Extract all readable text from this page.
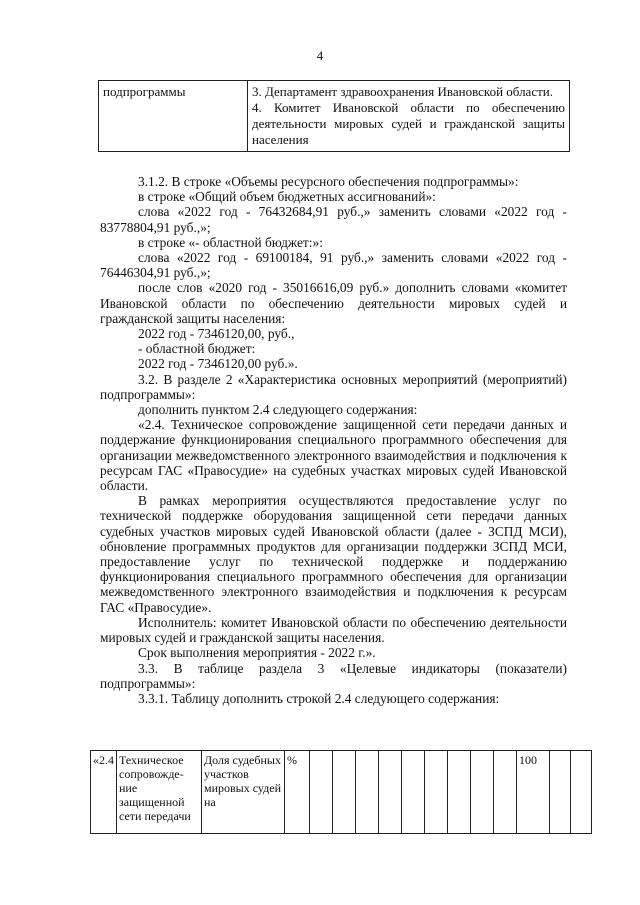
4
подпрограммы	3. Департамент здравоохранения Ивановской области.
4. Комитет Ивановской области по обеспечению деятельности мировых судей и гражданской защиты населения

3.1.2. В строке «Объемы ресурсного обеспечения подпрограммы»:

в строке «Общий объем бюджетных ассигнований»:

слова «2022 год - 76432684,91 руб.,» заменить словами «2022 год - 83778804,91 руб.,»;

в строке «- областной бюджет:»:

слова «2022 год - 69100184, 91 руб.,» заменить словами «2022 год - 76446304,91 руб.,»;

после слов «2020 год - 35016616,09 руб.» дополнить словами «комитет Ивановской области по обеспечению деятельности мировых судей и гражданской защиты населения:

2022 год - 7346120,00, руб.,

- областной бюджет:

2022 год - 7346120,00 руб.».

3.2. В разделе 2 «Характеристика основных мероприятий (мероприятий) подпрограммы»:

дополнить пунктом 2.4 следующего содержания:

«2.4. Техническое сопровождение защищенной сети передачи данных и поддержание функционирования специального программного обеспечения для организации межведомственного электронного взаимодействия и подключения к ресурсам ГАС «Правосудие» на судебных участках мировых судей Ивановской области.

В рамках мероприятия осуществляются предоставление услуг по технической поддержке оборудования защищенной сети передачи данных судебных участков мировых судей Ивановской области (далее - ЗСПД МСИ), обновление программных продуктов для организации поддержки ЗСПД МСИ, предоставление услуг по технической поддержке и поддержанию функционирования специального программного обеспечения для организации межведомственного электронного взаимодействия и подключения к ресурсам ГАС «Правосудие».

Исполнитель: комитет Ивановской области по обеспечению деятельности мировых судей и гражданской защиты населения.

Срок выполнения мероприятия - 2022 г.».

3.3. В таблице раздела 3 «Целевые индикаторы (показатели) подпрограммы»:

3.3.1. Таблицу дополнить строкой 2.4 следующего содержания:

«2.4	Техническое сопровожде-ние защищенной сети передачи	Доля судебных участков мировых судей на	%										100		
